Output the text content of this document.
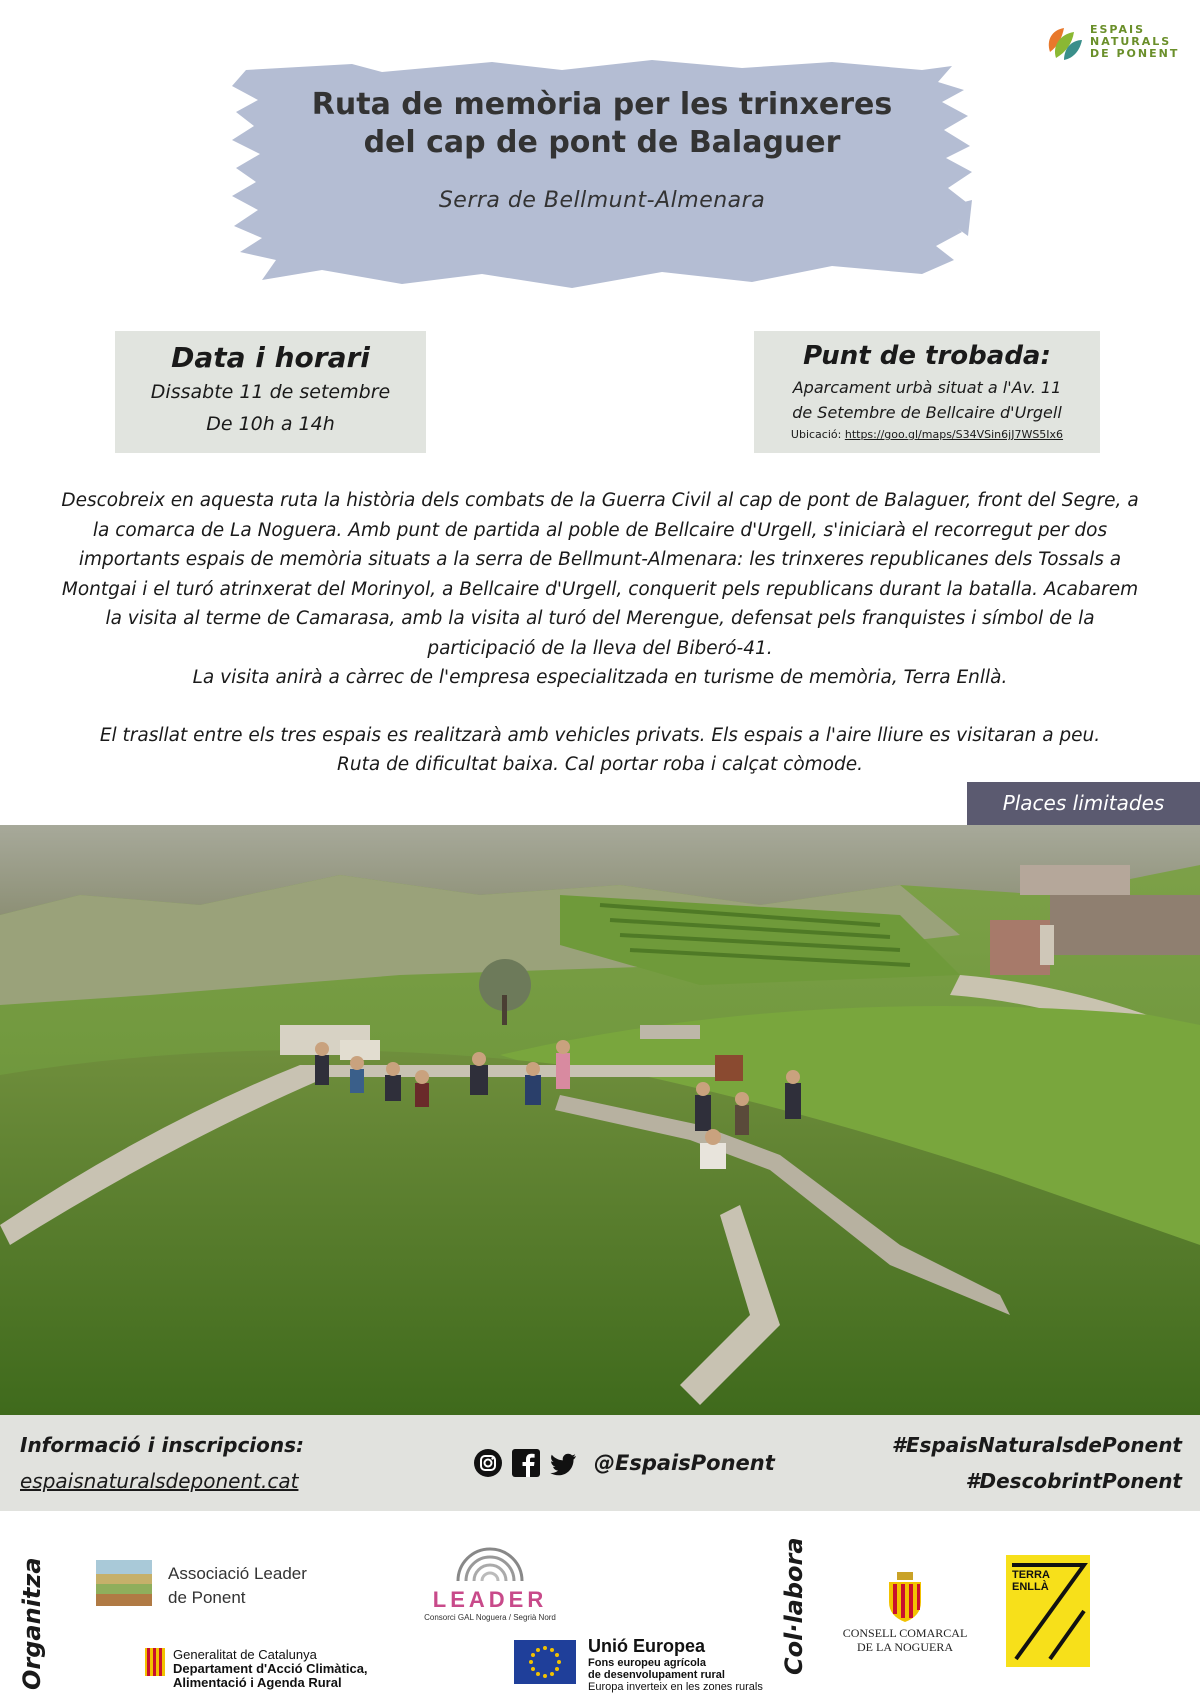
ESPAIS
NATURALS
DE PONENT
Ruta de memòria per les trinxeres
del cap de pont de Balaguer
Serra de Bellmunt-Almenara
Data i horari
Dissabte 11 de setembre
De 10h a 14h
Punt de trobada:
Aparcament urbà situat a l'Av. 11
de Setembre de Bellcaire d'Urgell
Ubicació: https://goo.gl/maps/S34VSin6jJ7WS5Ix6

Descobreix en aquesta ruta la història dels combats de la Guerra Civil al cap de pont de Balaguer, front del Segre, a la comarca de La Noguera. Amb punt de partida al poble de Bellcaire d'Urgell, s'iniciarà el recorregut per dos importants espais de memòria situats a la serra de Bellmunt-Almenara: les trinxeres republicanes dels Tossals a Montgai i el turó atrinxerat del Morinyol, a Bellcaire d'Urgell, conquerit pels republicans durant la batalla. Acabarem la visita al terme de Camarasa, amb la visita al turó del Merengue, defensat pels franquistes i símbol de la participació de la lleva del Biberó-41.

La visita anirà a càrrec de l'empresa especialitzada en turisme de memòria, Terra Enllà.

El trasllat entre els tres espais es realitzarà amb vehicles privats. Els espais a l'aire lliure es visitaran a peu.

Ruta de dificultat baixa. Cal portar roba i calçat còmode.

Places limitades
Informació i inscripcions:
espaisnaturalsdeponent.cat
@EspaisPonent
#EspaisNaturalsdePonent
#DescobrintPonent
Organitza	Col·labora
Associació Leader
de Ponent
Generalitat de Catalunya
Departament d'Acció Climàtica,
Alimentació i Agenda Rural
LEADER
Consorci GAL Noguera / Segrià Nord
Unió Europea
Fons europeu agrícola
de desenvolupament rural
Europa inverteix en les zones rurals
CONSELL COMARCAL
DE LA NOGUERA
TERRA
ENLLÀ
